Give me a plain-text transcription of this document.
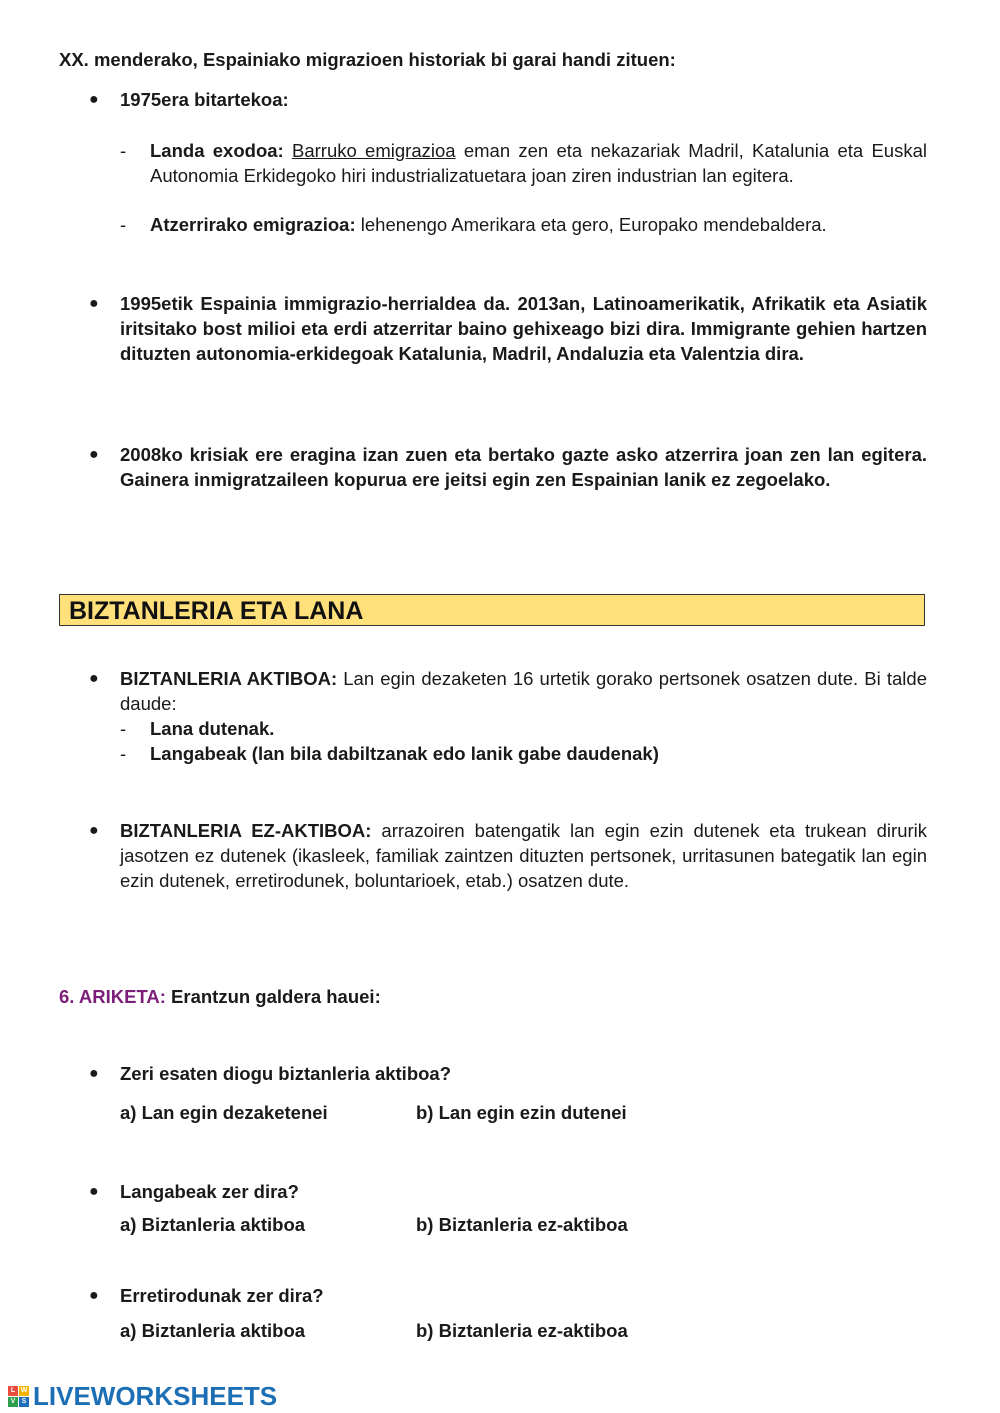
XX. menderako, Espainiako migrazioen historiak bi garai handi zituen:
● 1975era bitartekoa:
- Landa exodoa: Barruko emigrazioa eman zen eta nekazariak Madril, Katalunia eta Euskal Autonomia Erkidegoko hiri industrializatuetara joan ziren industrian lan egitera.
- Atzerrirako emigrazioa: lehenengo Amerikara eta gero, Europako mendebaldera.
● 1995etik Espainia immigrazio-herrialdea da. 2013an, Latinoamerikatik, Afrikatik eta Asiatik iritsitako bost milioi eta erdi atzerritar baino gehixeago bizi dira. Immigrante gehien hartzen dituzten autonomia-erkidegoak Katalunia, Madril, Andaluzia eta Valentzia dira.
● 2008ko krisiak ere eragina izan zuen eta bertako gazte asko atzerrira joan zen lan egitera. Gainera inmigratzaileen kopurua ere jeitsi egin zen Espainian lanik ez zegoelako.
BIZTANLERIA ETA LANA
● BIZTANLERIA AKTIBOA: Lan egin dezaketen 16 urtetik gorako pertsonek osatzen dute. Bi talde daude:
- Lana dutenak.
- Langabeak (lan bila dabiltzanak edo lanik gabe daudenak)
● BIZTANLERIA EZ-AKTIBOA: arrazoiren batengatik lan egin ezin dutenek eta trukean dirurik jasotzen ez dutenek (ikasleek, familiak zaintzen dituzten pertsonek, urritasunen bategatik lan egin ezin dutenek, erretirodunek, boluntarioek, etab.) osatzen dute.
6. ARIKETA: Erantzun galdera hauei:
● Zeri esaten diogu biztanleria aktiboa?
a) Lan egin dezaketenei	b) Lan egin ezin dutenei
● Langabeak zer dira?
a) Biztanleria aktiboa	b) Biztanleria ez-aktiboa
● Erretirodunak zer dira?
a) Biztanleria aktiboa	b) Biztanleria ez-aktiboa
L W
V S LIVEWORKSHEETS
